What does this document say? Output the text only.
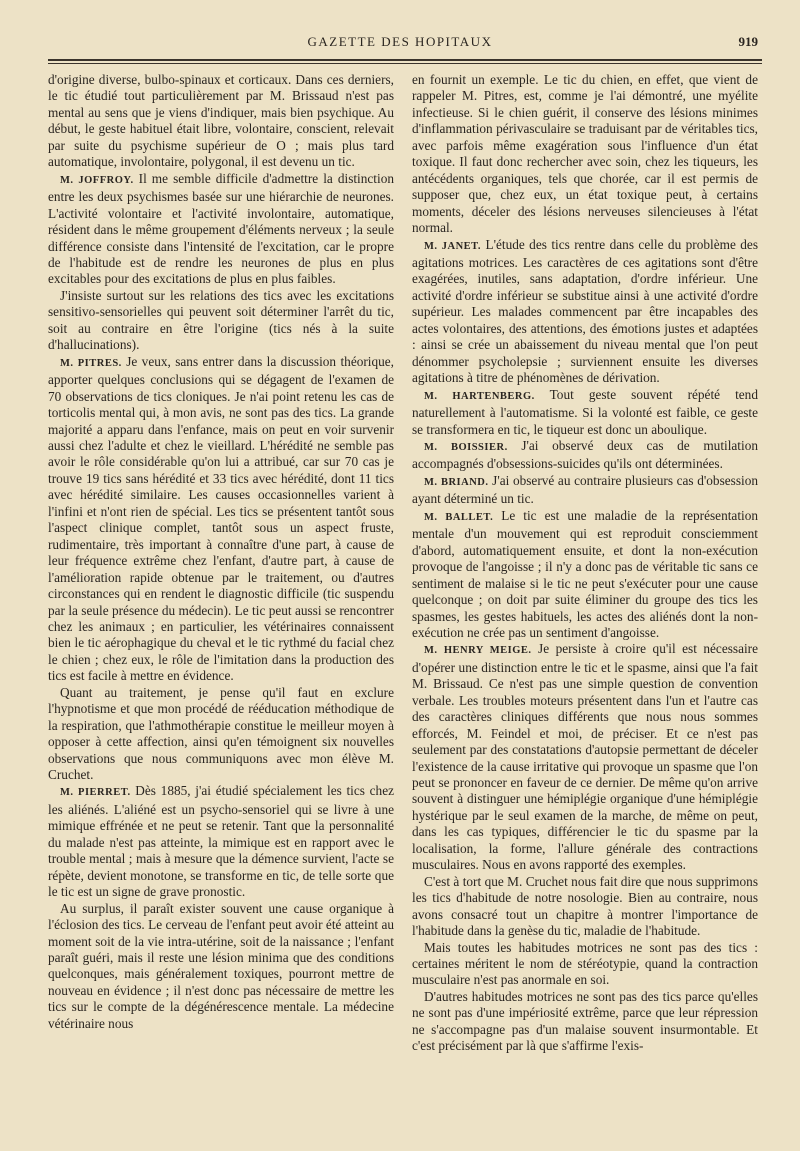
GAZETTE DES HOPITAUX	919

d'origine diverse, bulbo-spinaux et corticaux. Dans ces derniers, le tic étudié tout particulièrement par M. Brissaud n'est pas mental au sens que je viens d'indiquer, mais bien psychique. Au début, le geste habituel était libre, volontaire, conscient, relevait par suite du psychisme supérieur de O ; mais plus tard automatique, involontaire, polygonal, il est devenu un tic.

M. JOFFROY. Il me semble difficile d'admettre la distinction entre les deux psychismes basée sur une hiérarchie de neurones. L'activité volontaire et l'activité involontaire, automatique, résident dans le même groupement d'éléments nerveux ; la seule différence consiste dans l'intensité de l'excitation, car le propre de l'habitude est de rendre les neurones de plus en plus excitables pour des excitations de plus en plus faibles.

J'insiste surtout sur les relations des tics avec les excitations sensitivo-sensorielles qui peuvent soit déterminer l'arrêt du tic, soit au contraire en être l'origine (tics nés à la suite d'hallucinations).

M. PITRES. Je veux, sans entrer dans la discussion théorique, apporter quelques conclusions qui se dégagent de l'examen de 70 observations de tics cloniques. Je n'ai point retenu les cas de torticolis mental qui, à mon avis, ne sont pas des tics. La grande majorité a apparu dans l'enfance, mais on peut en voir survenir aussi chez l'adulte et chez le vieillard. L'hérédité ne semble pas avoir le rôle considérable qu'on lui a attribué, car sur 70 cas je trouve 19 tics sans hérédité et 33 tics avec hérédité, dont 11 tics avec hérédité similaire. Les causes occasionnelles varient à l'infini et n'ont rien de spécial. Les tics se présentent tantôt sous l'aspect clinique complet, tantôt sous un aspect fruste, rudimentaire, très important à connaître d'une part, à cause de leur fréquence extrême chez l'enfant, d'autre part, à cause de l'amélioration rapide obtenue par le traitement, ou d'autres circonstances qui en rendent le diagnostic difficile (tic suspendu par la seule présence du médecin). Le tic peut aussi se rencontrer chez les animaux ; en particulier, les vétérinaires connaissent bien le tic aérophagique du cheval et le tic rythmé du facial chez le chien ; chez eux, le rôle de l'imitation dans la production des tics est facile à mettre en évidence.

Quant au traitement, je pense qu'il faut en exclure l'hypnotisme et que mon procédé de rééducation méthodique de la respiration, que l'athmothérapie constitue le meilleur moyen à opposer à cette affection, ainsi qu'en témoignent six nouvelles observations que nous communiquons avec mon élève M. Cruchet.

M. PIERRET. Dès 1885, j'ai étudié spécialement les tics chez les aliénés. L'aliéné est un psycho-sensoriel qui se livre à une mimique effrénée et ne peut se retenir. Tant que la personnalité du malade n'est pas atteinte, la mimique est en rapport avec le trouble mental ; mais à mesure que la démence survient, l'acte se répète, devient monotone, se transforme en tic, de telle sorte que le tic est un signe de grave pronostic.

Au surplus, il paraît exister souvent une cause organique à l'éclosion des tics. Le cerveau de l'enfant peut avoir été atteint au moment soit de la vie intra-utérine, soit de la naissance ; l'enfant paraît guéri, mais il reste une lésion minima que des conditions quelconques, mais généralement toxiques, pourront mettre de nouveau en évidence ; il n'est donc pas nécessaire de mettre les tics sur le compte de la dégénérescence mentale. La médecine vétérinaire nous

en fournit un exemple. Le tic du chien, en effet, que vient de rappeler M. Pitres, est, comme je l'ai démontré, une myélite infectieuse. Si le chien guérit, il conserve des lésions minimes d'inflammation périvasculaire se traduisant par de véritables tics, avec parfois même exagération sous l'influence d'un état toxique. Il faut donc rechercher avec soin, chez les tiqueurs, les antécédents organiques, tels que chorée, car il est permis de supposer que, chez eux, un état toxique peut, à certains moments, déceler des lésions nerveuses silencieuses à l'état normal.

M. JANET. L'étude des tics rentre dans celle du problème des agitations motrices. Les caractères de ces agitations sont d'être exagérées, inutiles, sans adaptation, d'ordre inférieur. Une activité d'ordre inférieur se substitue ainsi à une activité d'ordre supérieur. Les malades commencent par être incapables des actes volontaires, des attentions, des émotions justes et adaptées : ainsi se crée un abaissement du niveau mental que l'on peut dénommer psycholepsie ; surviennent ensuite les diverses agitations à titre de phénomènes de dérivation.

M. HARTENBERG. Tout geste souvent répété tend naturellement à l'automatisme. Si la volonté est faible, ce geste se transformera en tic, le tiqueur est donc un aboulique.

M. BOISSIER. J'ai observé deux cas de mutilation accompagnés d'obsessions-suicides qu'ils ont déterminées.

M. BRIAND. J'ai observé au contraire plusieurs cas d'obsession ayant déterminé un tic.

M. BALLET. Le tic est une maladie de la représentation mentale d'un mouvement qui est reproduit consciemment d'abord, automatiquement ensuite, et dont la non-exécution provoque de l'angoisse ; il n'y a donc pas de véritable tic sans ce sentiment de malaise si le tic ne peut s'exécuter pour une cause quelconque ; on doit par suite éliminer du groupe des tics les spasmes, les gestes habituels, les actes des aliénés dont la non-exécution ne crée pas un sentiment d'angoisse.

M. HENRY MEIGE. Je persiste à croire qu'il est nécessaire d'opérer une distinction entre le tic et le spasme, ainsi que l'a fait M. Brissaud. Ce n'est pas une simple question de convention verbale. Les troubles moteurs présentent dans l'un et l'autre cas des caractères cliniques différents que nous nous sommes efforcés, M. Feindel et moi, de préciser. Et ce n'est pas seulement par des constatations d'autopsie permettant de déceler l'existence de la cause irritative qui provoque un spasme que l'on peut se prononcer en faveur de ce dernier. De même qu'on arrive souvent à distinguer une hémiplégie organique d'une hémiplégie hystérique par le seul examen de la marche, de même on peut, dans les cas typiques, différencier le tic du spasme par la localisation, la forme, l'allure générale des contractions musculaires. Nous en avons rapporté des exemples.

C'est à tort que M. Cruchet nous fait dire que nous supprimons les tics d'habitude de notre nosologie. Bien au contraire, nous avons consacré tout un chapitre à montrer l'importance de l'habitude dans la genèse du tic, maladie de l'habitude.

Mais toutes les habitudes motrices ne sont pas des tics : certaines méritent le nom de stéréotypie, quand la contraction musculaire n'est pas anormale en soi.

D'autres habitudes motrices ne sont pas des tics parce qu'elles ne sont pas d'une impériosité extrême, parce que leur répression ne s'accompagne pas d'un malaise souvent insurmontable. Et c'est précisément par là que s'affirme l'exis-
